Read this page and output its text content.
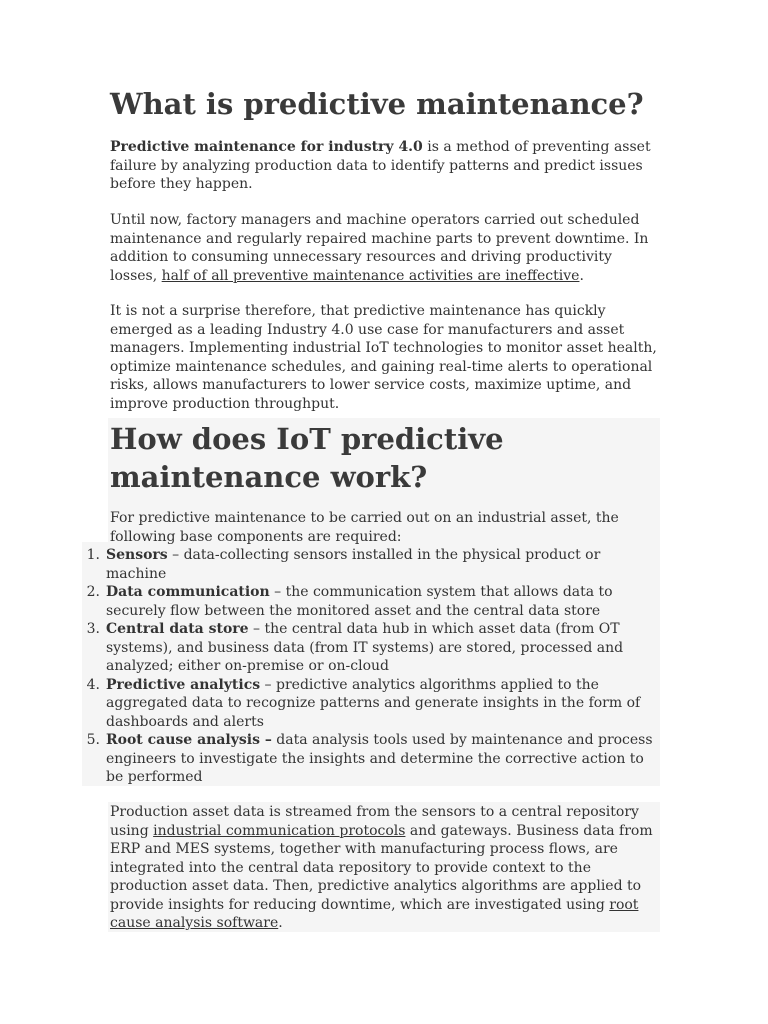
What is predictive maintenance?

Predictive maintenance for industry 4.0 is a method of preventing asset failure by analyzing production data to identify patterns and predict issues before they happen.

Until now, factory managers and machine operators carried out scheduled maintenance and regularly repaired machine parts to prevent downtime. In addition to consuming unnecessary resources and driving productivity losses, half of all preventive maintenance activities are ineffective.

It is not a surprise therefore, that predictive maintenance has quickly emerged as a leading Industry 4.0 use case for manufacturers and asset managers. Implementing industrial IoT technologies to monitor asset health, optimize maintenance schedules, and gaining real-time alerts to operational risks, allows manufacturers to lower service costs, maximize uptime, and improve production throughput.

How does IoT predictive maintenance work?

For predictive maintenance to be carried out on an industrial asset, the following base components are required:

1. Sensors – data-collecting sensors installed in the physical product or machine
2. Data communication – the communication system that allows data to securely flow between the monitored asset and the central data store
3. Central data store – the central data hub in which asset data (from OT systems), and business data (from IT systems) are stored, processed and analyzed; either on-premise or on-cloud
4. Predictive analytics – predictive analytics algorithms applied to the aggregated data to recognize patterns and generate insights in the form of dashboards and alerts
5. Root cause analysis – data analysis tools used by maintenance and process engineers to investigate the insights and determine the corrective action to be performed

Production asset data is streamed from the sensors to a central repository using industrial communication protocols and gateways. Business data from ERP and MES systems, together with manufacturing process flows, are integrated into the central data repository to provide context to the production asset data. Then, predictive analytics algorithms are applied to provide insights for reducing downtime, which are investigated using root cause analysis software.
